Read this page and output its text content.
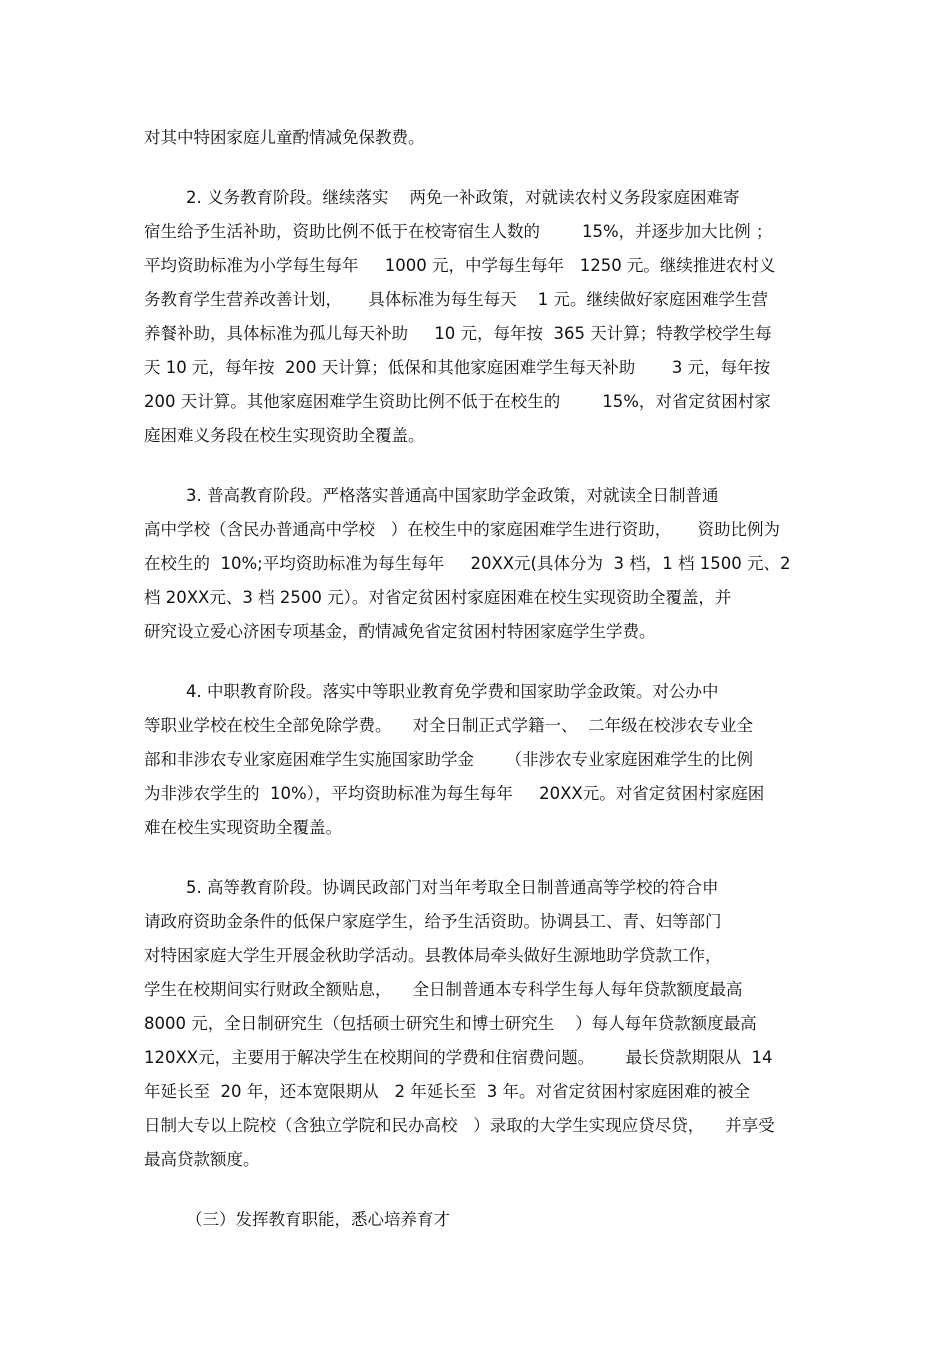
对其中特困家庭儿童酌情减免保教费。
2. 义务教育阶段。继续落实    两免一补政策，对就读农村义务段家庭困难寄
宿生给予生活补助，资助比例不低于在校寄宿生人数的        15%，并逐步加大比例 ；
平均资助标准为小学每生每年     1000 元，中学每生每年   1250 元。继续推进农村义
务教育学生营养改善计划，     具体标准为每生每天    1 元。继续做好家庭困难学生营
养餐补助，具体标准为孤儿每天补助     10 元，每年按  365 天计算；特教学校学生每
天 10 元，每年按  200 天计算；低保和其他家庭困难学生每天补助       3 元，每年按
200 天计算。其他家庭困难学生资助比例不低于在校生的        15%，对省定贫困村家
庭困难义务段在校生实现资助全覆盖。
3. 普高教育阶段。严格落实普通高中国家助学金政策，对就读全日制普通
高中学校（含民办普通高中学校   ）在校生中的家庭困难学生进行资助，     资助比例为
在校生的  10%;平均资助标准为每生每年     20XX元(具体分为  3 档，1 档 1500 元、2
档 20XX元、3 档 2500 元）。对省定贫困村家庭困难在校生实现资助全覆盖，并
研究设立爱心济困专项基金，酌情减免省定贫困村特困家庭学生学费。
4. 中职教育阶段。落实中等职业教育免学费和国家助学金政策。对公办中
等职业学校在校生全部免除学费。    对全日制正式学籍一、  二年级在校涉农专业全
部和非涉农专业家庭困难学生实施国家助学金      （非涉农专业家庭困难学生的比例
为非涉农学生的  10%），平均资助标准为每生每年     20XX元。对省定贫困村家庭困
难在校生实现资助全覆盖。
5. 高等教育阶段。协调民政部门对当年考取全日制普通高等学校的符合申
请政府资助金条件的低保户家庭学生，给予生活资助。协调县工、青、妇等部门
对特困家庭大学生开展金秋助学活动。县教体局牵头做好生源地助学贷款工作，
学生在校期间实行财政全额贴息，    全日制普通本专科学生每人每年贷款额度最高
8000 元，全日制研究生（包括硕士研究生和博士研究生    ）每人每年贷款额度最高
120XX元，主要用于解决学生在校期间的学费和住宿费问题。      最长贷款期限从  14
年延长至  20 年，还本宽限期从   2 年延长至  3 年。对省定贫困村家庭困难的被全
日制大专以上院校（含独立学院和民办高校   ）录取的大学生实现应贷尽贷，    并享受
最高贷款额度。
（三）发挥教育职能，悉心培养育才
